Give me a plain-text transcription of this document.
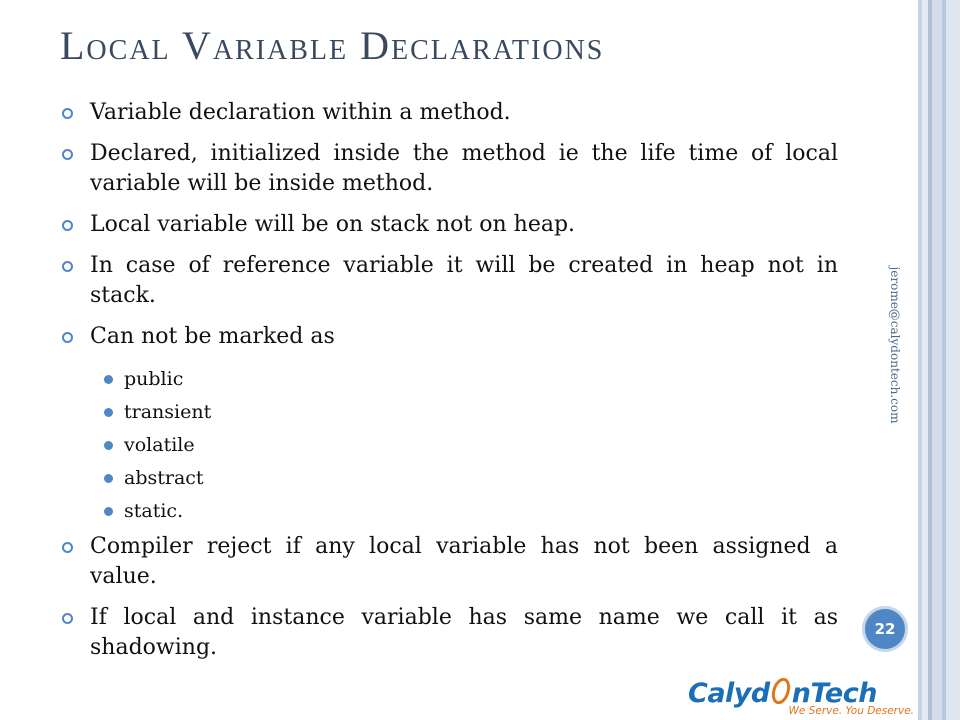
Local Variable Declarations
Variable declaration within a method.
Declared, initialized inside the method ie the life time of local variable will be inside method.
Local variable will be on stack not on heap.
In case of reference variable it will be created in heap not in stack.
Can not be marked as
public
transient
volatile
abstract
static.
Compiler reject if any local variable has not been assigned a value.
If local and instance variable has same name we call it as shadowing.
jerome@calydontech.com
22
Calyd nTech
We Serve. You Deserve.
